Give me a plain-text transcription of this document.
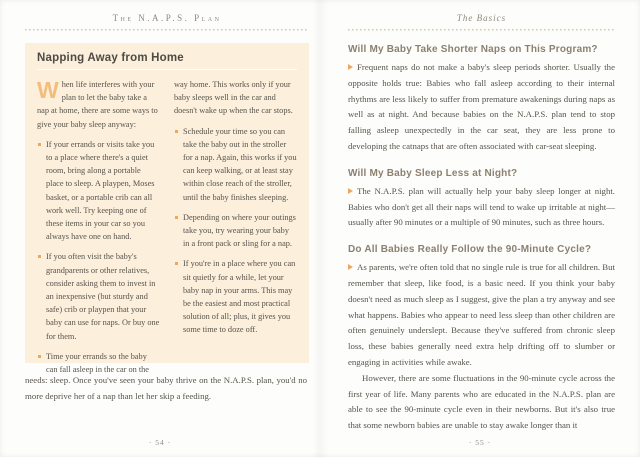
The N.A.P.S. Plan
Napping Away from Home

When life interferes with your plan to let the baby take a nap at home, there are some ways to give your baby sleep anyway:

If your errands or visits take you to a place where there's a quiet room, bring along a portable place to sleep. A playpen, Moses basket, or a portable crib can all work well. Try keeping one of these items in your car so you always have one on hand.
If you often visit the baby's grandparents or other relatives, consider asking them to invest in an inexpensive (but sturdy and safe) crib or playpen that your baby can use for naps. Or buy one for them.
Time your errands so the baby can fall asleep in the car on the

way home. This works only if your baby sleeps well in the car and doesn't wake up when the car stops.

Schedule your time so you can take the baby out in the stroller for a nap. Again, this works if you can keep walking, or at least stay within close reach of the stroller, until the baby finishes sleeping.
Depending on where your outings take you, try wearing your baby in a front pack or sling for a nap.
If you're in a place where you can sit quietly for a while, let your baby nap in your arms. This may be the easiest and most practical solution of all; plus, it gives you some time to doze off.

needs: sleep. Once you've seen your baby thrive on the N.A.P.S. plan, you'd no more deprive her of a nap than let her skip a feeding.

· 54 ·
The Basics
Will My Baby Take Shorter Naps on This Program?

Frequent naps do not make a baby's sleep periods shorter. Usually the opposite holds true: Babies who fall asleep according to their internal rhythms are less likely to suffer from premature awakenings during naps as well as at night. And because babies on the N.A.P.S. plan tend to stop falling asleep unexpectedly in the car seat, they are less prone to developing the catnaps that are often associated with car-seat sleeping.

Will My Baby Sleep Less at Night?

The N.A.P.S. plan will actually help your baby sleep longer at night. Babies who don't get all their naps will tend to wake up irritable at night—usually after 90 minutes or a multiple of 90 minutes, such as three hours.

Do All Babies Really Follow the 90-Minute Cycle?

As parents, we're often told that no single rule is true for all children. But remember that sleep, like food, is a basic need. If you think your baby doesn't need as much sleep as I suggest, give the plan a try anyway and see what happens. Babies who appear to need less sleep than other children are often genuinely underslept. Because they've suffered from chronic sleep loss, these babies generally need extra help drifting off to slumber or engaging in activities while awake.

However, there are some fluctuations in the 90-minute cycle across the first year of life. Many parents who are educated in the N.A.P.S. plan are able to see the 90-minute cycle even in their newborns. But it's also true that some newborn babies are unable to stay awake longer than it

· 55 ·
